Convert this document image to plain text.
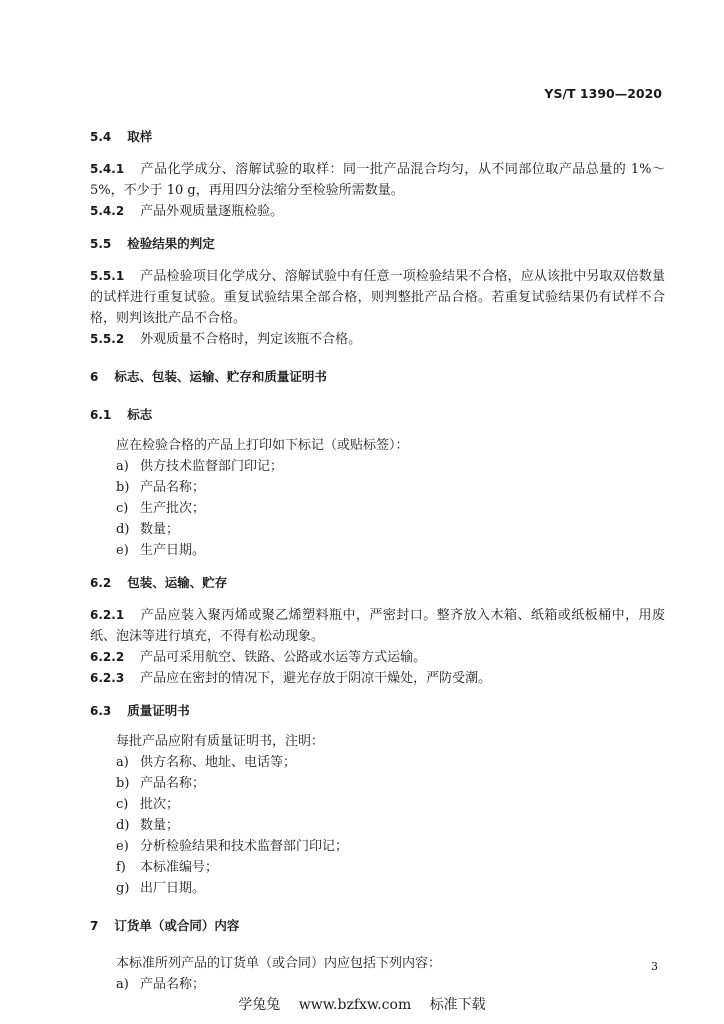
YS/T 1390—2020

5.4 取样

5.4.1 产品化学成分、溶解试验的取样：同一批产品混合均匀，从不同部位取产品总量的 1%～5%，不少于 10 g，再用四分法缩分至检验所需数量。

5.4.2 产品外观质量逐瓶检验。

5.5 检验结果的判定

5.5.1 产品检验项目化学成分、溶解试验中有任意一项检验结果不合格，应从该批中另取双倍数量的试样进行重复试验。重复试验结果全部合格，则判整批产品合格。若重复试验结果仍有试样不合格，则判该批产品不合格。

5.5.2 外观质量不合格时，判定该瓶不合格。

6 标志、包装、运输、贮存和质量证明书

6.1 标志

应在检验合格的产品上打印如下标记（或贴标签）：

a) 供方技术监督部门印记；

b) 产品名称；

c) 生产批次；

d) 数量；

e) 生产日期。

6.2 包装、运输、贮存

6.2.1 产品应装入聚丙烯或聚乙烯塑料瓶中，严密封口。整齐放入木箱、纸箱或纸板桶中，用废纸、泡沫等进行填充，不得有松动现象。

6.2.2 产品可采用航空、铁路、公路或水运等方式运输。

6.2.3 产品应在密封的情况下，避光存放于阴凉干燥处，严防受潮。

6.3 质量证明书

每批产品应附有质量证明书，注明：

a) 供方名称、地址、电话等；

b) 产品名称；

c) 批次；

d) 数量；

e) 分析检验结果和技术监督部门印记；

f) 本标准编号；

g) 出厂日期。

7 订货单（或合同）内容

本标准所列产品的订货单（或合同）内应包括下列内容：

a) 产品名称；

3
学兔兔 www.bzfxw.com 标准下载
